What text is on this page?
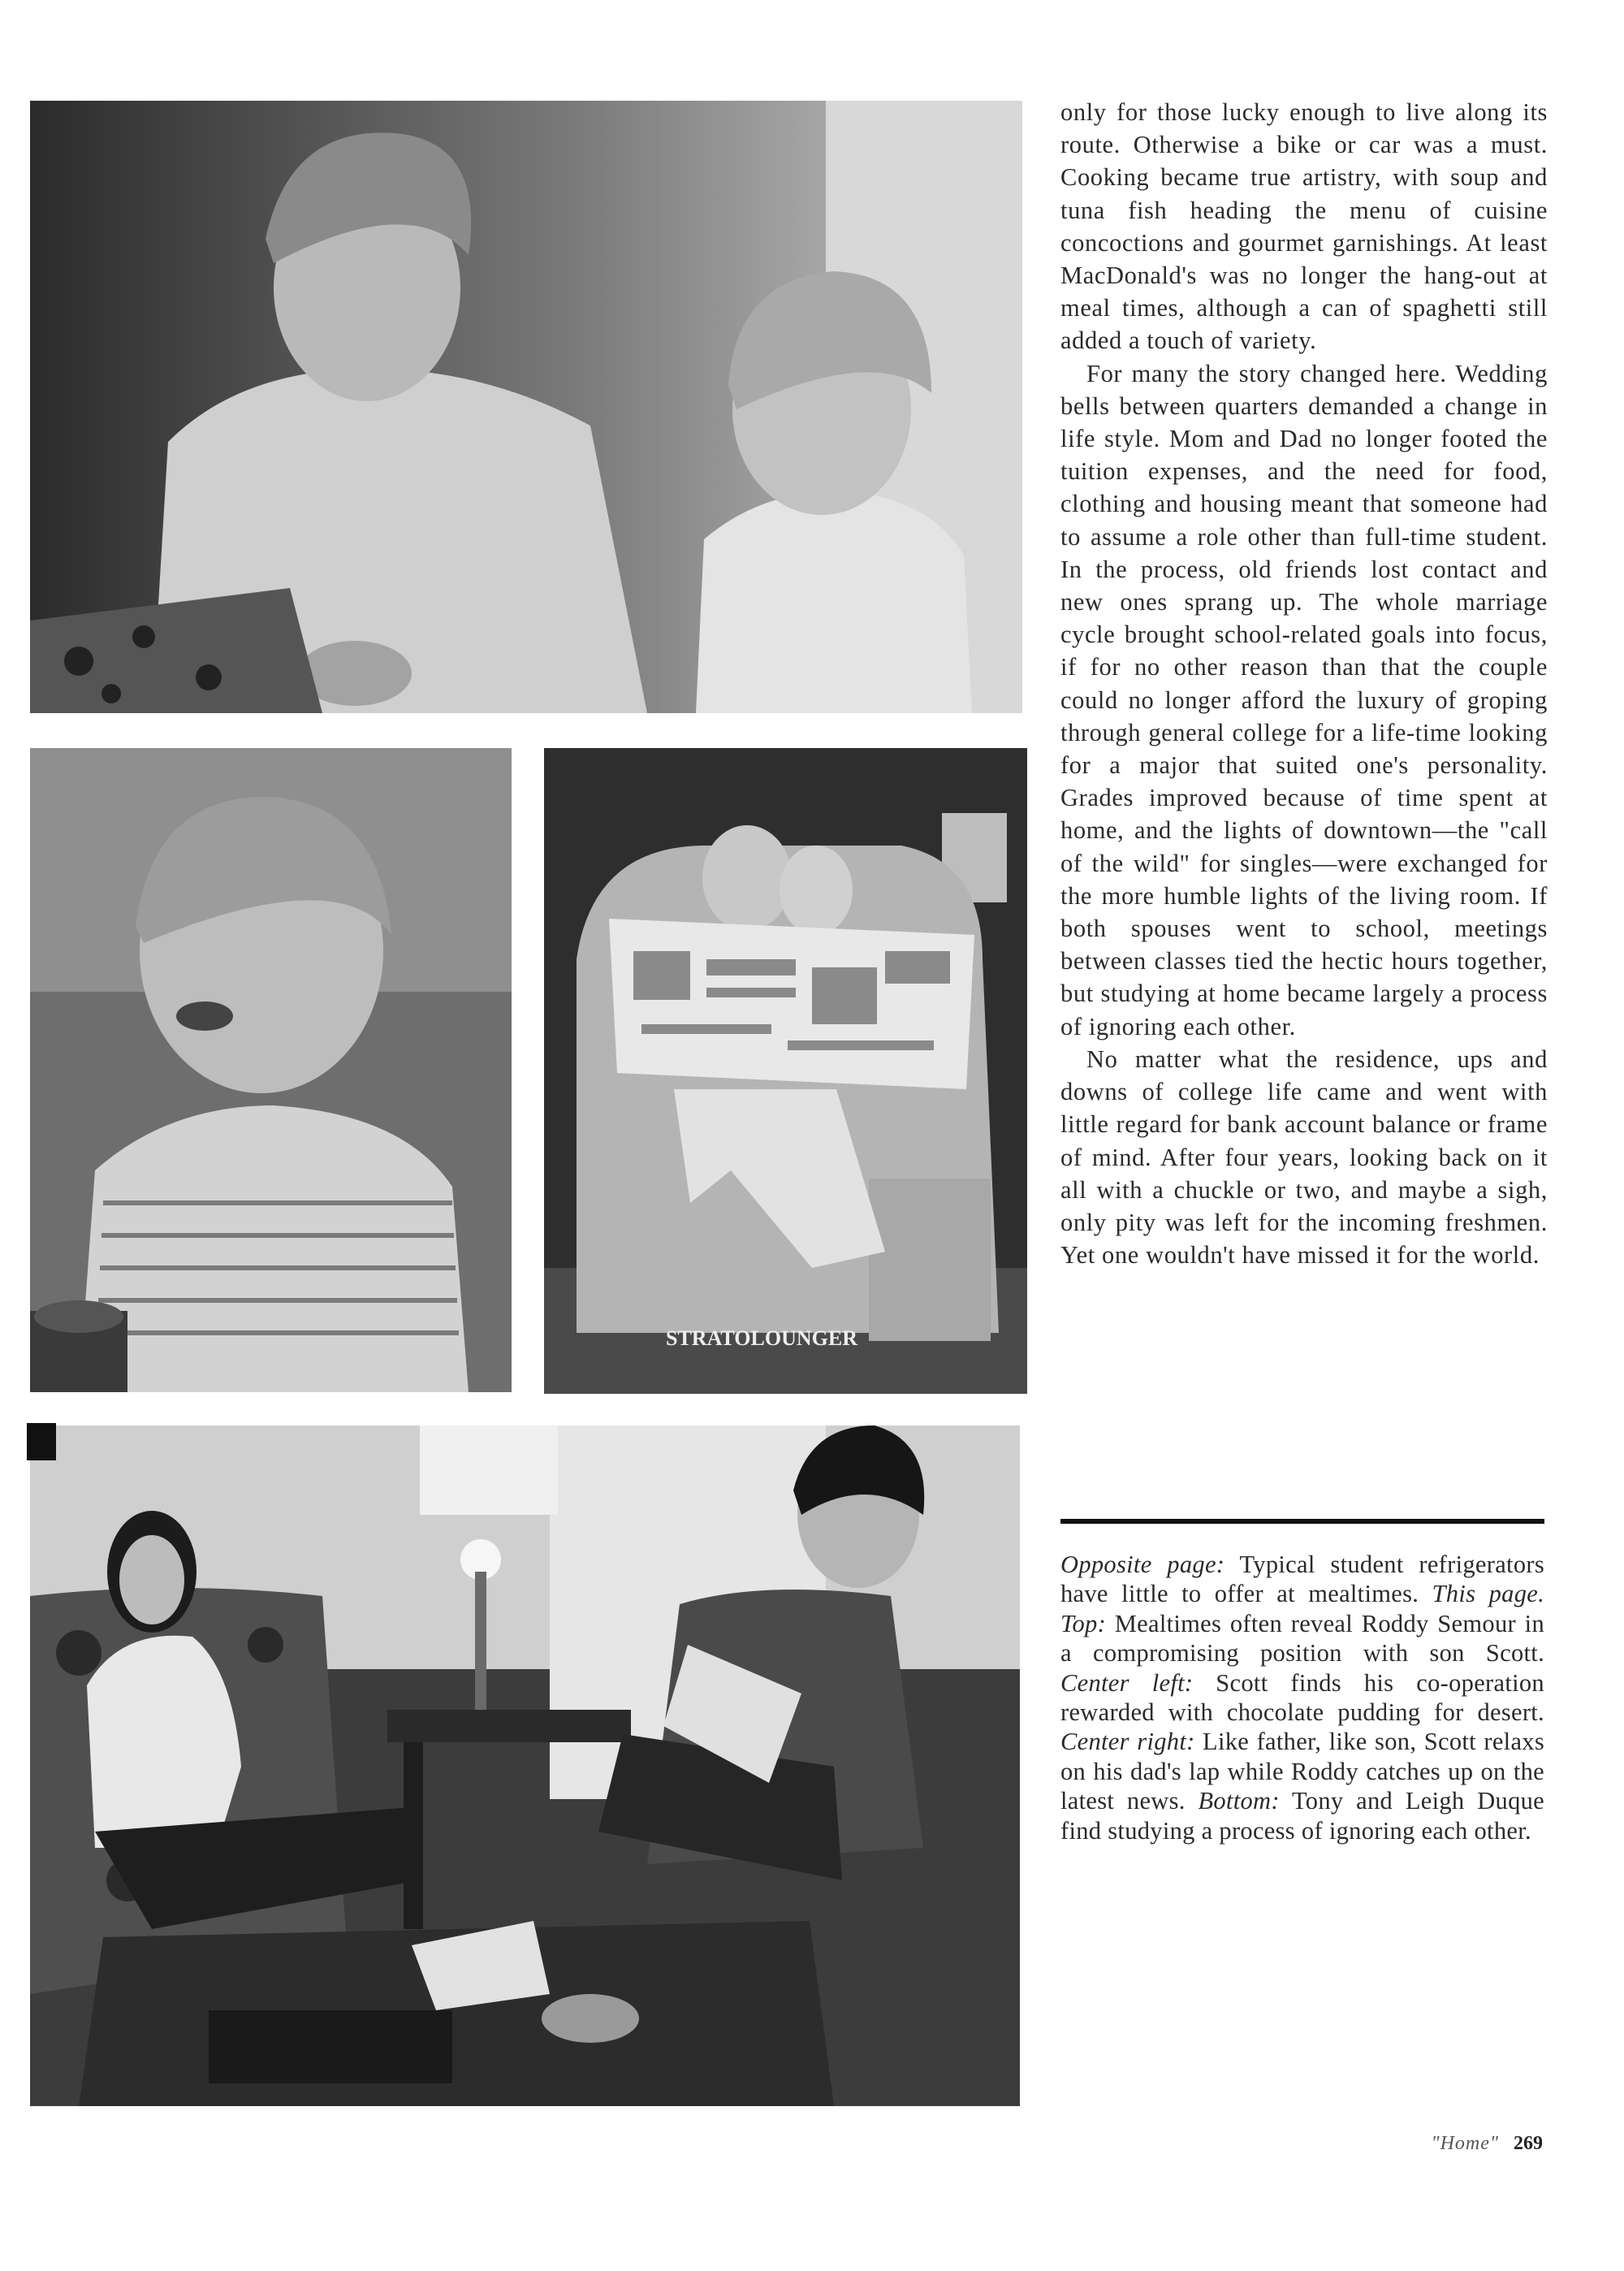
STRATOLOUNGER

only for those lucky enough to live along its route. Otherwise a bike or car was a must. Cooking became true artistry, with soup and tuna fish heading the menu of cuisine concoctions and gourmet garnishings. At least MacDonald's was no longer the hang-out at meal times, although a can of spaghetti still added a touch of variety.

For many the story changed here. Wedding bells between quarters demanded a change in life style. Mom and Dad no longer footed the tuition expenses, and the need for food, clothing and housing meant that someone had to assume a role other than full-time student. In the process, old friends lost contact and new ones sprang up. The whole marriage cycle brought school-related goals into focus, if for no other reason than that the couple could no longer afford the luxury of groping through general college for a life-time looking for a major that suited one's personality. Grades improved because of time spent at home, and the lights of downtown—the "call of the wild" for singles—were exchanged for the more humble lights of the living room. If both spouses went to school, meetings between classes tied the hectic hours together, but studying at home became largely a process of ignoring each other.

No matter what the residence, ups and downs of college life came and went with little regard for bank account balance or frame of mind. After four years, looking back on it all with a chuckle or two, and maybe a sigh, only pity was left for the incoming freshmen. Yet one wouldn't have missed it for the world.

Opposite page: Typical student refrigerators have little to offer at mealtimes. This page. Top: Mealtimes often reveal Roddy Semour in a compromising position with son Scott. Center left: Scott finds his co-operation rewarded with chocolate pudding for desert. Center right: Like father, like son, Scott relaxs on his dad's lap while Roddy catches up on the latest news. Bottom: Tony and Leigh Duque find studying a process of ignoring each other.
"Home" 269
